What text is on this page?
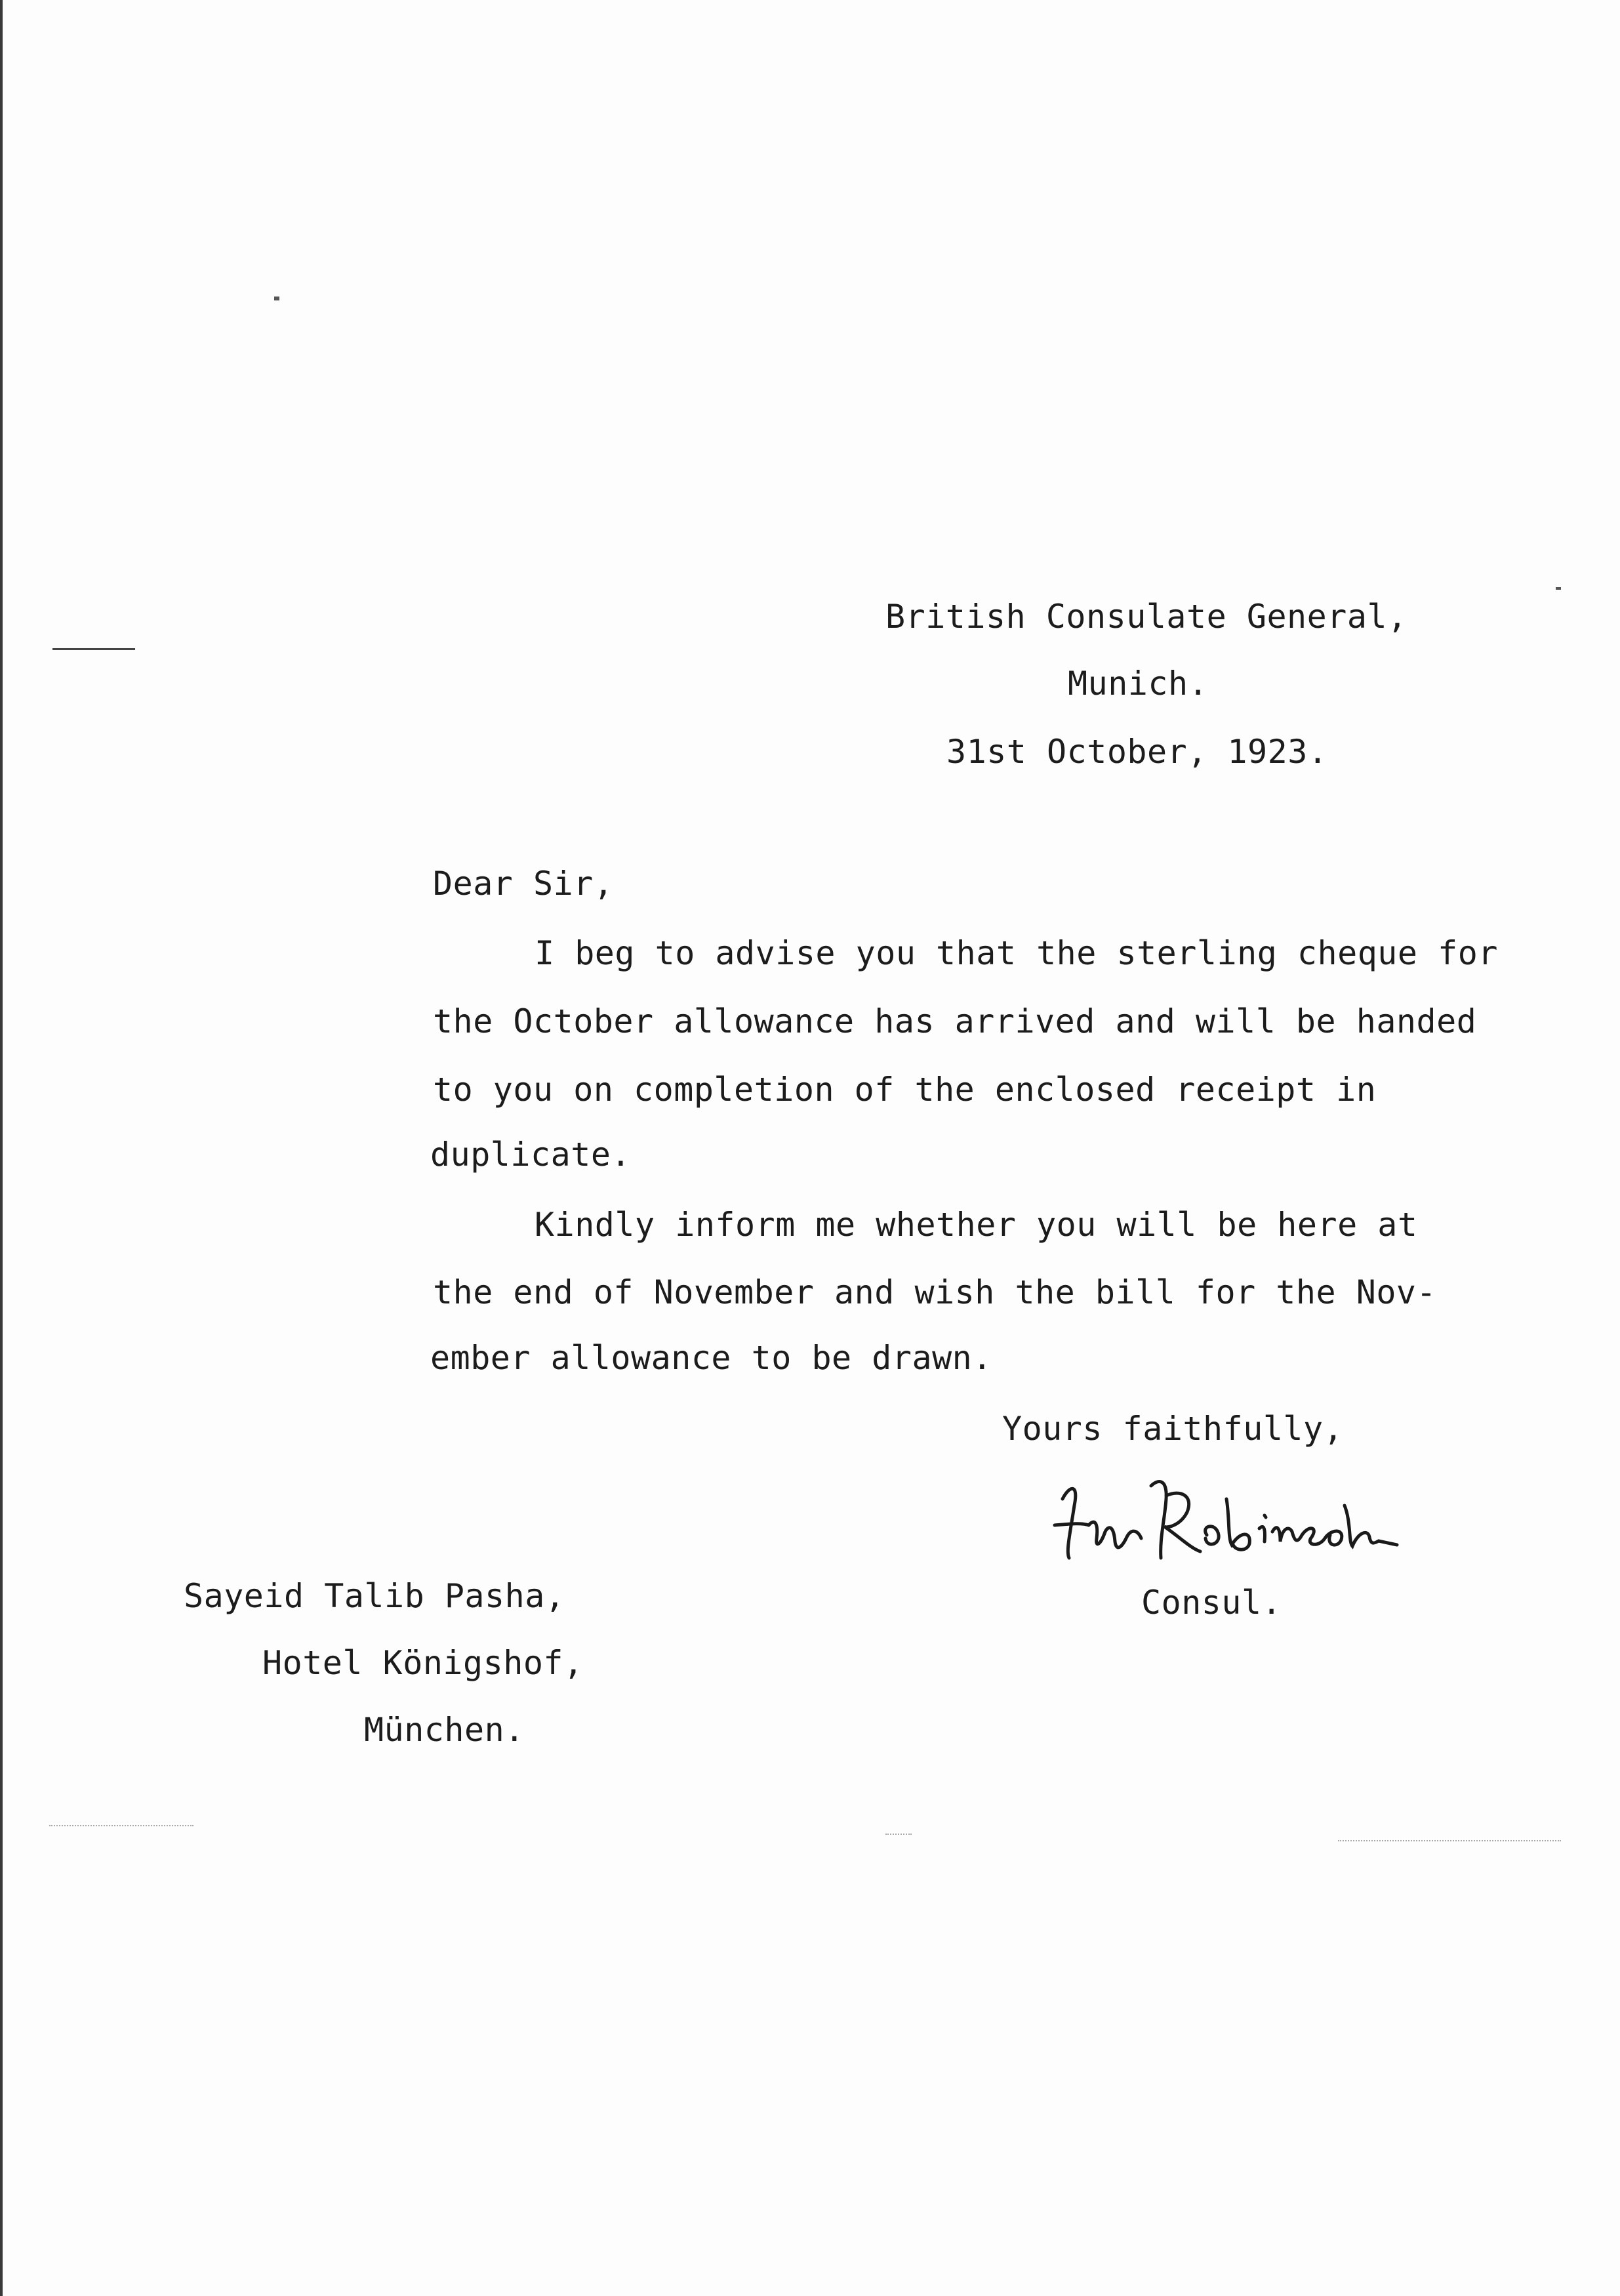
British Consulate General,
Munich.
31st October, 1923.
Dear Sir,
I beg to advise you that the sterling cheque for
the October allowance has arrived and will be handed
to you on completion of the enclosed receipt in
duplicate.
Kindly inform me whether you will be here at
the end of November and wish the bill for the Nov-
ember allowance to be drawn.
Yours faithfully,
Consul.
Sayeid Talib Pasha,
Hotel Königshof,
München.
